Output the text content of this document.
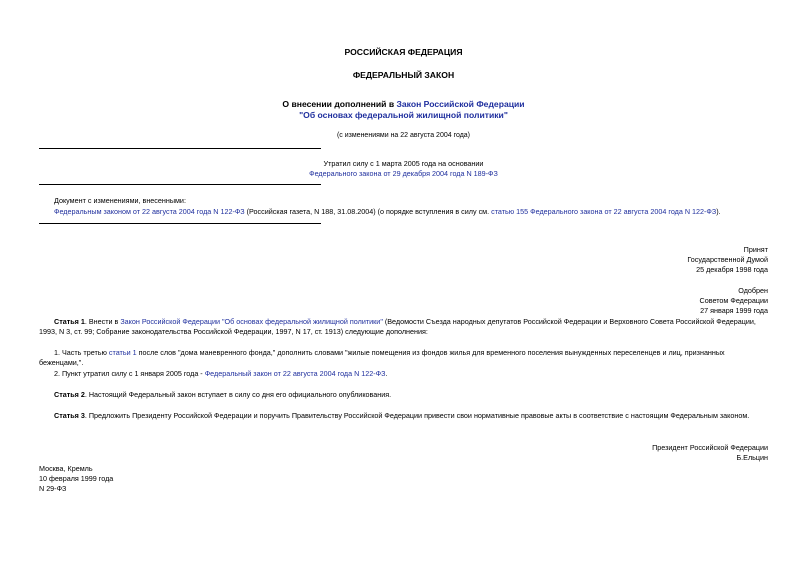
РОССИЙСКАЯ ФЕДЕРАЦИЯ
ФЕДЕРАЛЬНЫЙ ЗАКОН
О внесении дополнений в Закон Российской Федерации
"Об основах федеральной жилищной политики"
(с изменениями на 22 августа 2004 года)
Утратил силу с 1 марта 2005 года на основании
Федерального закона от 29 декабря 2004 года N 189-ФЗ
Документ с изменениями, внесенными:
Федеральным законом от 22 августа 2004 года N 122-ФЗ (Российская газета, N 188, 31.08.2004) (о порядке вступления в силу см. статью 155 Федерального закона от 22 августа 2004 года N 122-ФЗ).
Принят
Государственной Думой
25 декабря 1998 года
Одобрен
Советом Федерации
27 января 1999 года
Статья 1. Внести в Закон Российской Федерации "Об основах федеральной жилищной политики" (Ведомости Съезда народных депутатов Российской Федерации и Верховного Совета Российской Федерации, 1993, N 3, ст. 99; Собрание законодательства Российской Федерации, 1997, N 17, ст. 1913) следующие дополнения:
1. Часть третью статьи 1 после слов "дома маневренного фонда," дополнить словами "жилые помещения из фондов жилья для временного поселения вынужденных переселенцев и лиц, признанных беженцами,".
2. Пункт утратил силу с 1 января 2005 года - Федеральный закон от 22 августа 2004 года N 122-ФЗ.
Статья 2. Настоящий Федеральный закон вступает в силу со дня его официального опубликования.
Статья 3. Предложить Президенту Российской Федерации и поручить Правительству Российской Федерации привести свои нормативные правовые акты в соответствие с настоящим Федеральным законом.
Президент Российской Федерации
Б.Ельцин
Москва, Кремль
10 февраля 1999 года
N 29-ФЗ
